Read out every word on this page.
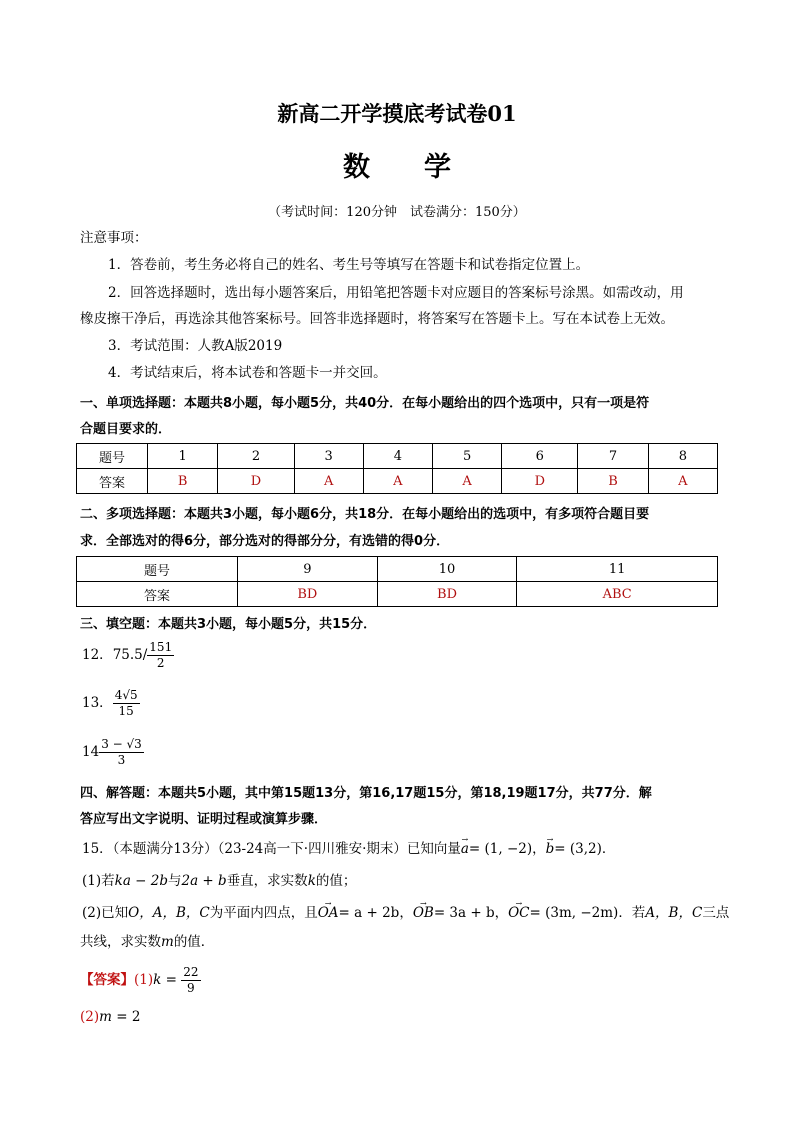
新高二开学摸底考试卷01
数 学
（考试时间：120分钟　试卷满分：150分）
注意事项：
1．答卷前，考生务必将自己的姓名、考生号等填写在答题卡和试卷指定位置上。
2．回答选择题时，选出每小题答案后，用铅笔把答题卡对应题目的答案标号涂黑。如需改动，用
橡皮擦干净后，再选涂其他答案标号。回答非选择题时，将答案写在答题卡上。写在本试卷上无效。
3．考试范围：人教A版2019
4．考试结束后，将本试卷和答题卡一并交回。
一、单项选择题：本题共8小题，每小题5分，共40分．在每小题给出的四个选项中，只有一项是符
合题目要求的．
题号	1	2	3	4	5	6	7	8
答案	B	D	A	A	A	D	B	A
二、多项选择题：本题共3小题，每小题6分，共18分．在每小题给出的选项中，有多项符合题目要
求．全部选对的得6分，部分选对的得部分分，有选错的得0分．
题号	9	10	11
答案	BD	BD	ABC
三、填空题：本题共3小题，每小题5分，共15分．
12．$75.5/ \frac{151}{2}$
13． $\frac{4√5}{15}$
$14 \frac{3 - √3}{3}$
四、解答题：本题共5小题，其中第15题13分，第16,17题15分，第18,19题17分，共77分．解
答应写出文字说明、证明过程或演算步骤．
15．（本题满分13分）（23-24高一下·四川雅安·期末）已知向量→ a= (1, −2)，→ b= (3,2)．
(1)若ka − 2b与2a + b垂直，求实数k的值；
(2)已知O，A，B，C为平面内四点，且→ OA= a + 2b，→ OB= 3a + b，→ OC= (3m, −2m)．若A，B，C三点
共线，求实数m的值．
【答案】$(1)k = \frac{22}{9}$
(2)m = 2
